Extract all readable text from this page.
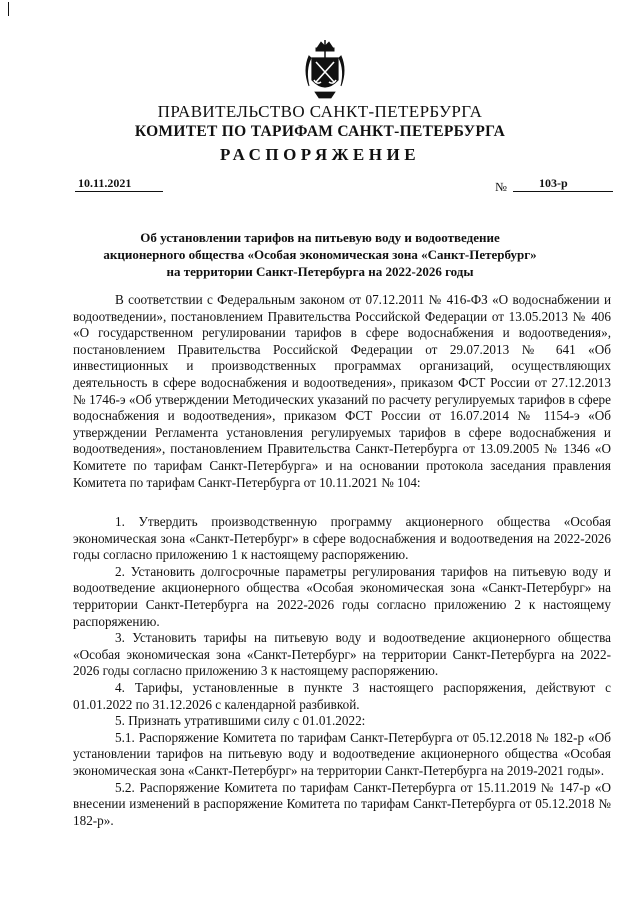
ПРАВИТЕЛЬСТВО САНКТ-ПЕТЕРБУРГА
КОМИТЕТ ПО ТАРИФАМ САНКТ-ПЕТЕРБУРГА
РАСПОРЯЖЕНИЕ
10.11.2021	№	103-р
Об установлении тарифов на питьевую воду и водоотведение
акционерного общества «Особая экономическая зона «Санкт-Петербург»
на территории Санкт-Петербурга на 2022-2026 годы

В соответствии с Федеральным законом от 07.12.2011 № 416-ФЗ «О водоснабжении и водоотведении», постановлением Правительства Российской Федерации от 13.05.2013 № 406 «О государственном регулировании тарифов в сфере водоснабжения и водоотведения», постановлением Правительства Российской Федерации от 29.07.2013 № 641 «Об инвестиционных и производственных программах организаций, осуществляющих деятельность в сфере водоснабжения и водоотведения», приказом ФСТ России от 27.12.2013 № 1746-э «Об утверждении Методических указаний по расчету регулируемых тарифов в сфере водоснабжения и водоотведения», приказом ФСТ России от 16.07.2014 № 1154-э «Об утверждении Регламента установления регулируемых тарифов в сфере водоснабжения и водоотведения», постановлением Правительства Санкт-Петербурга от 13.09.2005 № 1346 «О Комитете по тарифам Санкт-Петербурга» и на основании протокола заседания правления Комитета по тарифам Санкт-Петербурга от 10.11.2021 № 104:

1. Утвердить производственную программу акционерного общества «Особая экономическая зона «Санкт-Петербург» в сфере водоснабжения и водоотведения на 2022-2026 годы согласно приложению 1 к настоящему распоряжению.

2. Установить долгосрочные параметры регулирования тарифов на питьевую воду и водоотведение акционерного общества «Особая экономическая зона «Санкт-Петербург» на территории Санкт-Петербурга на 2022-2026 годы согласно приложению 2 к настоящему распоряжению.

3. Установить тарифы на питьевую воду и водоотведение акционерного общества «Особая экономическая зона «Санкт-Петербург» на территории Санкт-Петербурга на 2022-2026 годы согласно приложению 3 к настоящему распоряжению.

4. Тарифы, установленные в пункте 3 настоящего распоряжения, действуют с 01.01.2022 по 31.12.2026 с календарной разбивкой.

5. Признать утратившими силу с 01.01.2022:

5.1. Распоряжение Комитета по тарифам Санкт-Петербурга от 05.12.2018 № 182-р «Об установлении тарифов на питьевую воду и водоотведение акционерного общества «Особая экономическая зона «Санкт-Петербург» на территории Санкт-Петербурга на 2019-2021 годы».

5.2. Распоряжение Комитета по тарифам Санкт-Петербурга от 15.11.2019 № 147-р «О внесении изменений в распоряжение Комитета по тарифам Санкт-Петербурга от 05.12.2018 № 182-р».
